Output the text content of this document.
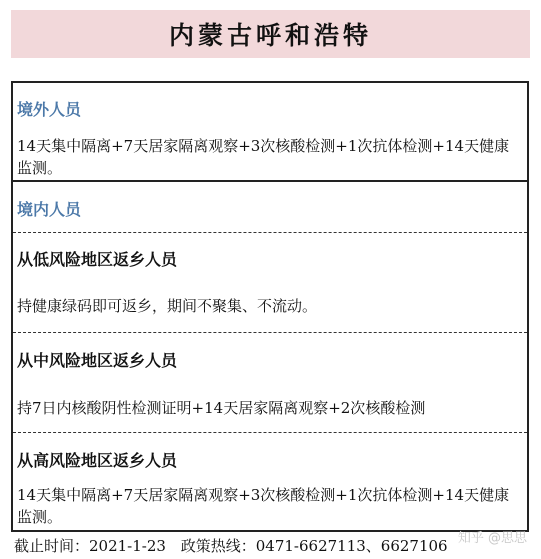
内蒙古呼和浩特
境外人员
14天集中隔离+7天居家隔离观察+3次核酸检测+1次抗体检测+14天健康监测。
境内人员
从低风险地区返乡人员
持健康绿码即可返乡，期间不聚集、不流动。
从中风险地区返乡人员
持7日内核酸阴性检测证明+14天居家隔离观察+2次核酸检测
从高风险地区返乡人员
14天集中隔离+7天居家隔离观察+3次核酸检测+1次抗体检测+14天健康监测。
截止时间：2021-1-23 政策热线：0471-6627113、6627106 知乎 @思思
